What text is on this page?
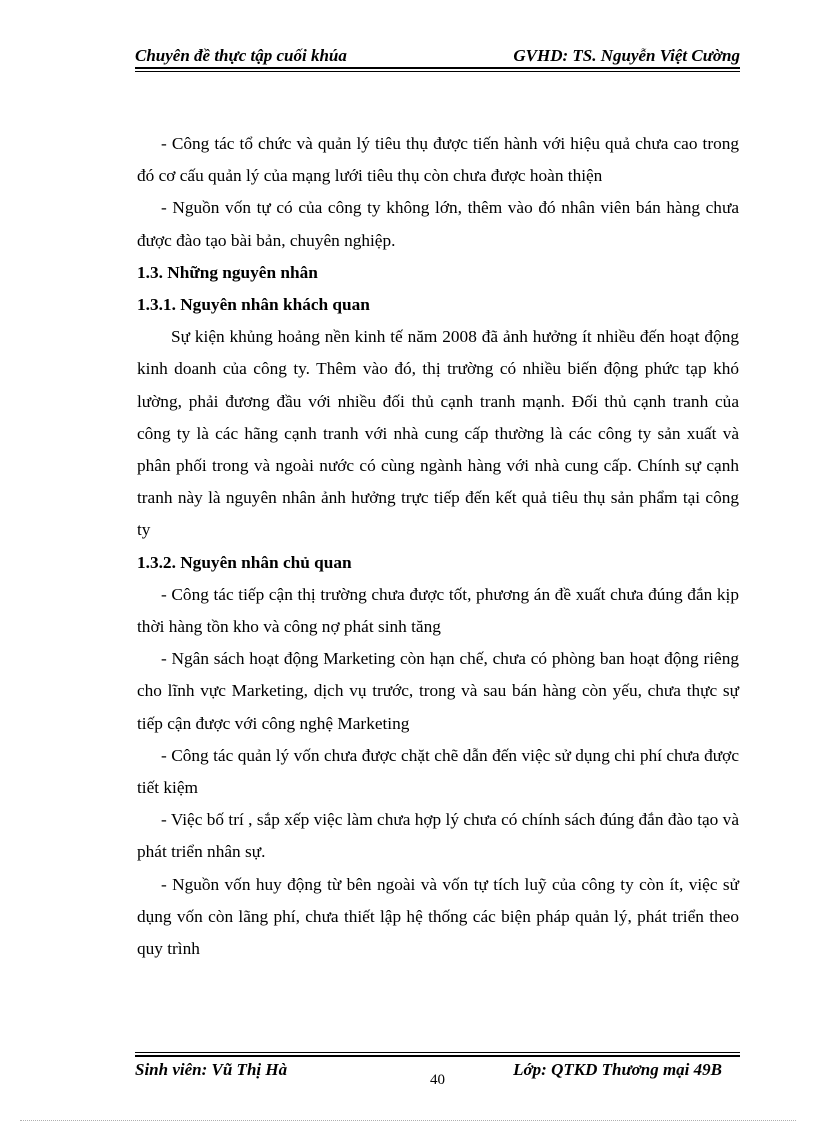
Chuyên đề thực tập cuối khúa	GVHD: TS. Nguyễn Việt Cường

- Công tác tổ chức và quản lý tiêu thụ được tiến hành với hiệu quả chưa cao trong đó cơ cấu quản lý của mạng lưới tiêu thụ còn chưa được hoàn thiện

- Nguồn vốn tự có của công ty không lớn, thêm vào đó nhân viên bán hàng chưa được đào tạo bài bản, chuyên nghiệp.

1.3. Những nguyên nhân
1.3.1. Nguyên nhân khách quan

Sự kiện khủng hoảng nền kinh tế năm 2008 đã ảnh hưởng ít nhiều đến hoạt động kinh doanh của công ty. Thêm vào đó, thị trường có nhiều biến động phức tạp khó lường, phải đương đầu với nhiều đối thủ cạnh tranh mạnh. Đối thủ cạnh tranh của công ty là các hãng cạnh tranh với nhà cung cấp thường là các công ty sản xuất và phân phối trong và ngoài nước có cùng ngành hàng với nhà cung cấp. Chính sự cạnh tranh này là nguyên nhân ảnh hưởng trực tiếp đến kết quả tiêu thụ sản phẩm tại công ty

1.3.2. Nguyên nhân chủ quan

- Công tác tiếp cận thị trường chưa được tốt, phương án đề xuất chưa đúng đắn kịp thời hàng tồn kho và công nợ phát sinh tăng

- Ngân sách hoạt động Marketing còn hạn chế, chưa có phòng ban hoạt động riêng cho lĩnh vực Marketing, dịch vụ trước, trong và sau bán hàng còn yếu, chưa thực sự tiếp cận được với công nghệ Marketing

- Công tác quản lý vốn chưa được chặt chẽ dẫn đến việc sử dụng chi phí chưa được tiết kiệm

- Việc bố trí , sắp xếp việc làm chưa hợp lý chưa có chính sách đúng đắn đào tạo và phát triển nhân sự.

- Nguồn vốn huy động từ bên ngoài và vốn tự tích luỹ của công ty còn ít, việc sử dụng vốn còn lãng phí, chưa thiết lập hệ thống các biện pháp quản lý, phát triển theo quy trình

Sinh viên: Vũ Thị Hà
40
Lớp: QTKD Thương mại 49B
